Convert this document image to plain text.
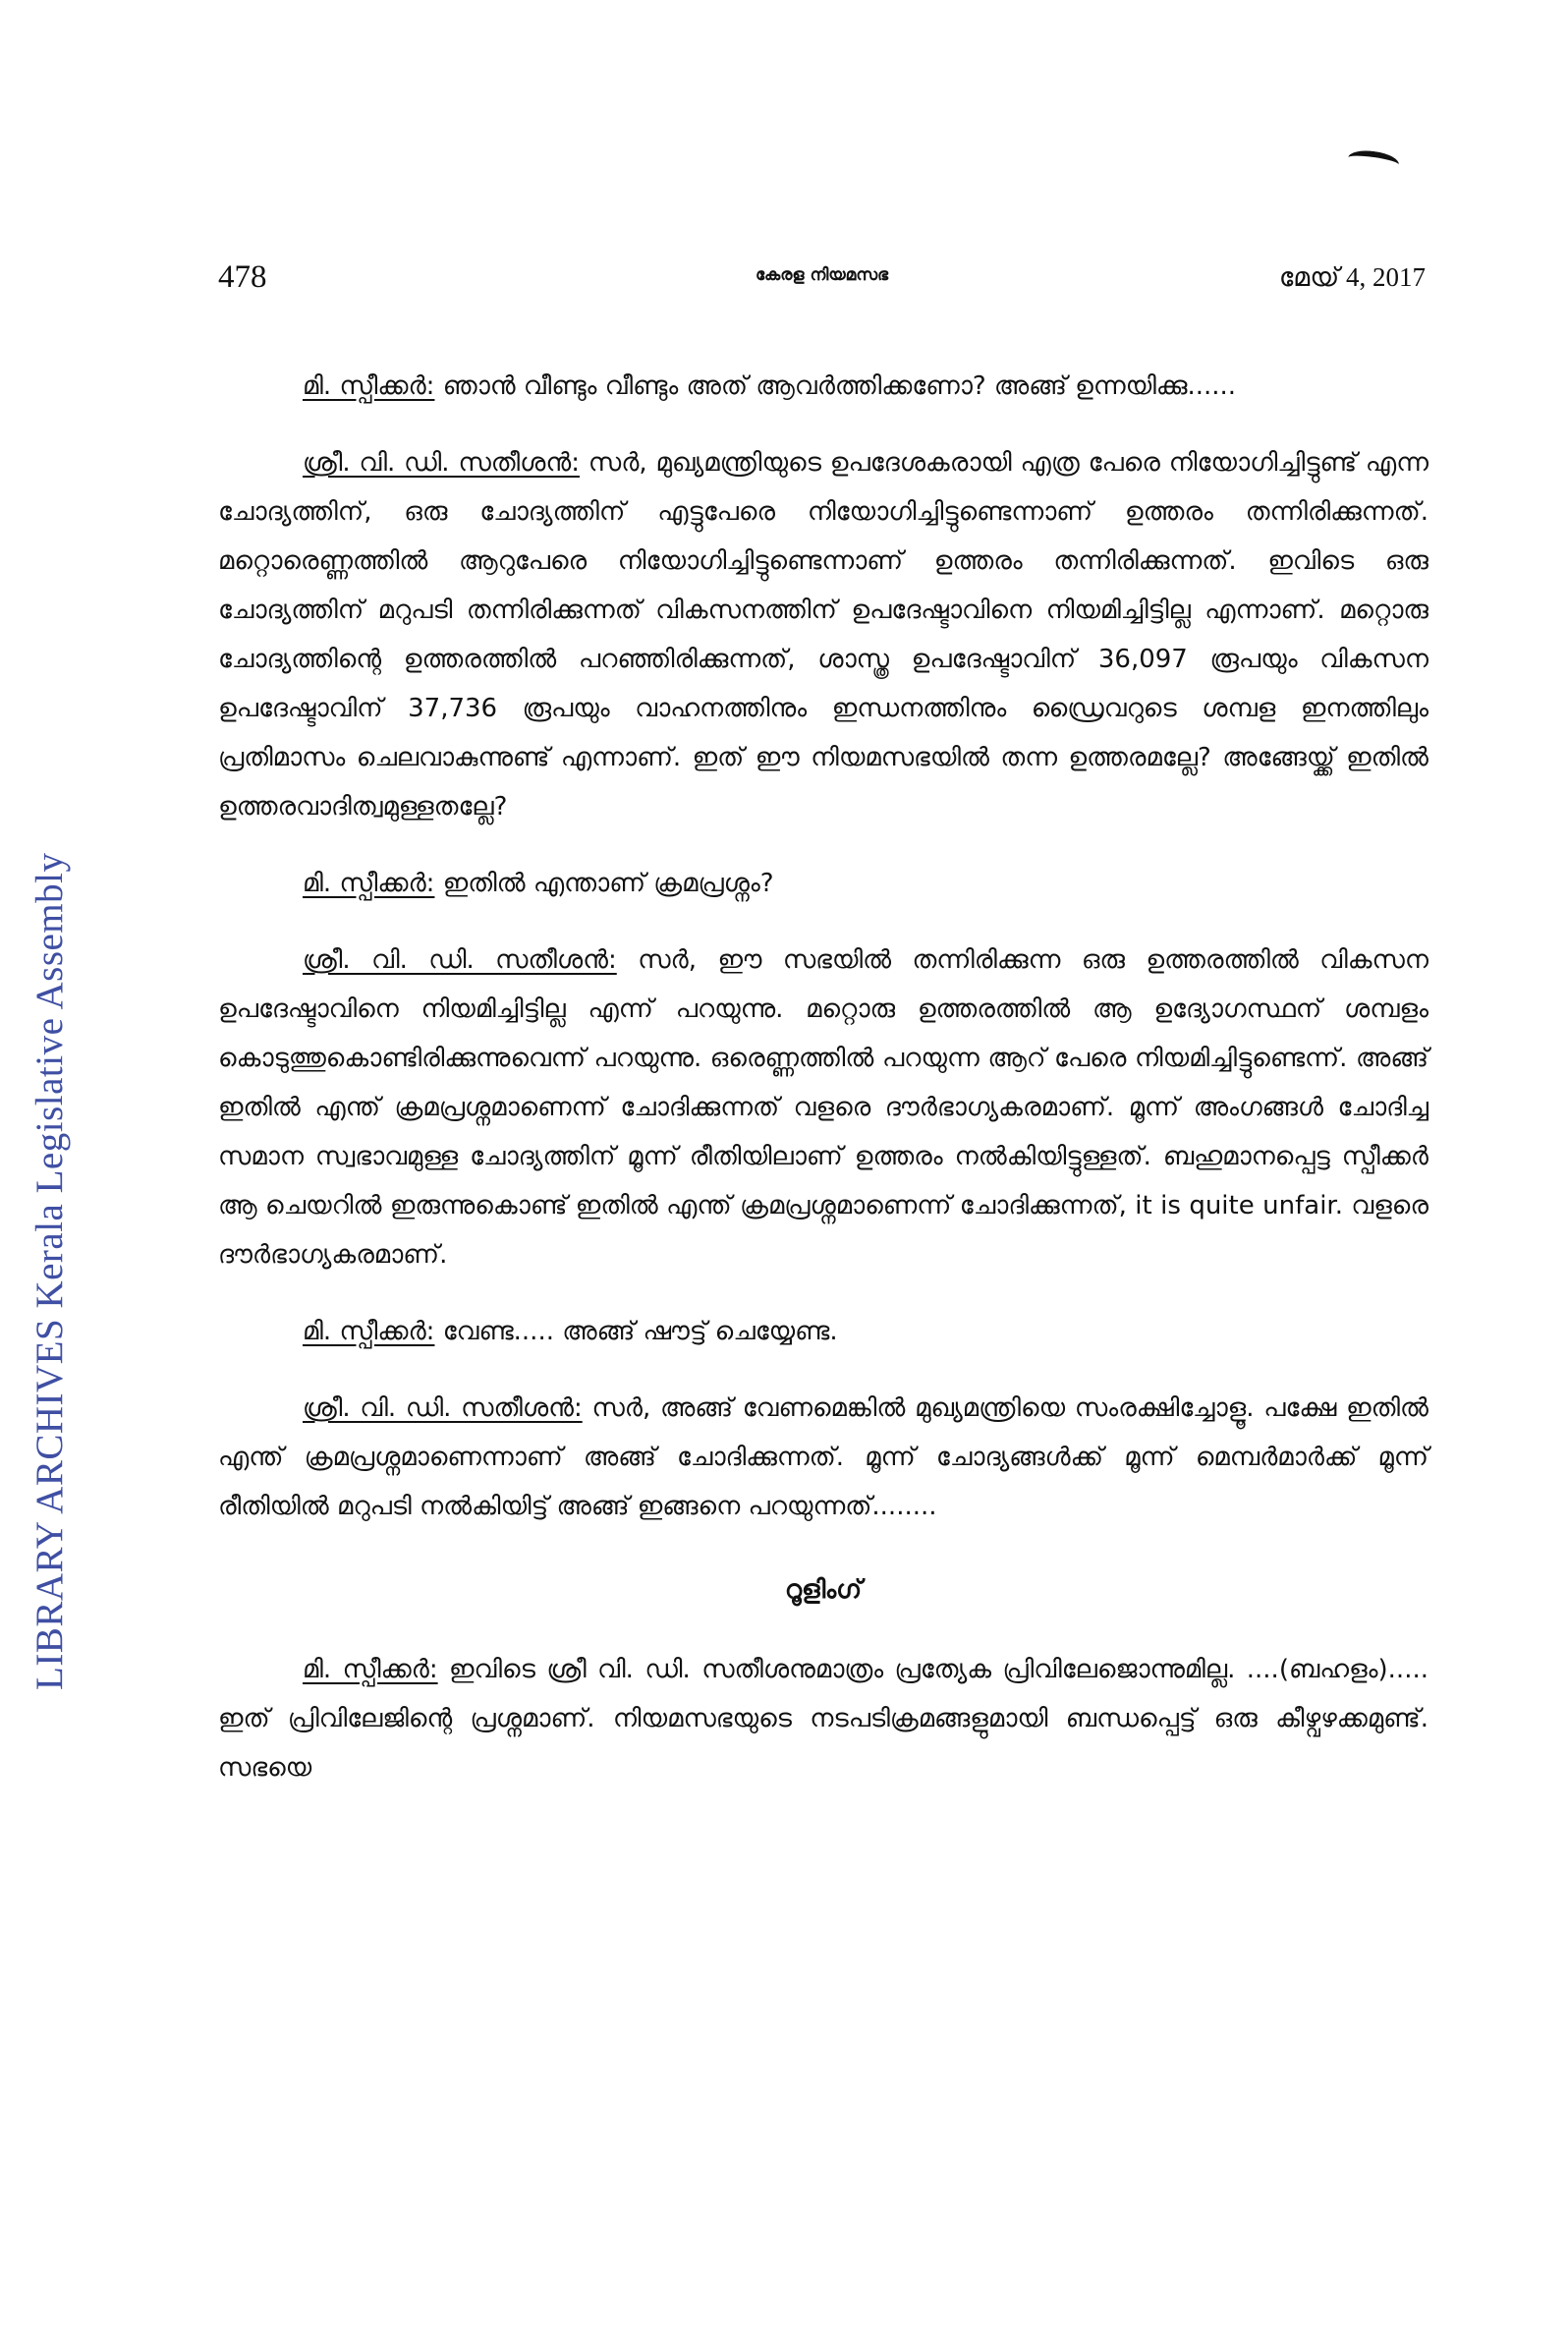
LIBRARY ARCHIVES Kerala Legislative Assembly
478	കേരള നിയമസഭ	മേയ് 4, 2017

മി. സ്പീക്കർ: ഞാൻ വീണ്ടും വീണ്ടും അത് ആവർത്തിക്കണോ? അങ്ങ് ഉന്നയിക്കു......

ശ്രീ. വി. ഡി. സതീശൻ: സർ, മുഖ്യമന്ത്രിയുടെ ഉപദേശകരായി എത്ര പേരെ നിയോഗിച്ചിട്ടുണ്ട് എന്ന ചോദ്യത്തിന്, ഒരു ചോദ്യത്തിന് എട്ടുപേരെ നിയോഗിച്ചിട്ടുണ്ടെന്നാണ് ഉത്തരം തന്നിരിക്കുന്നത്. മറ്റൊരെണ്ണത്തിൽ ആറുപേരെ നിയോഗിച്ചിട്ടുണ്ടെന്നാണ് ഉത്തരം തന്നിരിക്കുന്നത്. ഇവിടെ ഒരു ചോദ്യത്തിന് മറുപടി തന്നിരിക്കുന്നത് വികസനത്തിന് ഉപദേഷ്ടാവിനെ നിയമിച്ചിട്ടില്ല എന്നാണ്. മറ്റൊരു ചോദ്യത്തിന്റെ ഉത്തരത്തിൽ പറഞ്ഞിരിക്കുന്നത്, ശാസ്ത്ര ഉപദേഷ്ടാവിന് 36,097 രൂപയും വികസന ഉപദേഷ്ടാവിന് 37,736 രൂപയും വാഹനത്തിനും ഇന്ധനത്തിനും ഡ്രൈവറുടെ ശമ്പള ഇനത്തിലും പ്രതിമാസം ചെലവാകുന്നുണ്ട് എന്നാണ്. ഇത് ഈ നിയമസഭയിൽ തന്ന ഉത്തരമല്ലേ? അങ്ങേയ്ക്ക് ഇതിൽ ഉത്തരവാദിത്വമുള്ളതല്ലേ?

മി. സ്പീക്കർ: ഇതിൽ എന്താണ് ക്രമപ്രശ്നം?

ശ്രീ. വി. ഡി. സതീശൻ: സർ, ഈ സഭയിൽ തന്നിരിക്കുന്ന ഒരു ഉത്തരത്തിൽ വികസന ഉപദേഷ്ടാവിനെ നിയമിച്ചിട്ടില്ല എന്ന് പറയുന്നു. മറ്റൊരു ഉത്തരത്തിൽ ആ ഉദ്യോഗസ്ഥന് ശമ്പളം കൊടുത്തുകൊണ്ടിരിക്കുന്നുവെന്ന് പറയുന്നു. ഒരെണ്ണത്തിൽ പറയുന്ന ആറ് പേരെ നിയമിച്ചിട്ടുണ്ടെന്ന്. അങ്ങ് ഇതിൽ എന്ത് ക്രമപ്രശ്നമാണെന്ന് ചോദിക്കുന്നത് വളരെ ദൗർഭാഗ്യകരമാണ്. മൂന്ന് അംഗങ്ങൾ ചോദിച്ച സമാന സ്വഭാവമുള്ള ചോദ്യത്തിന് മൂന്ന് രീതിയിലാണ് ഉത്തരം നൽകിയിട്ടുള്ളത്. ബഹുമാനപ്പെട്ട സ്പീക്കർ ആ ചെയറിൽ ഇരുന്നുകൊണ്ട് ഇതിൽ എന്ത് ക്രമപ്രശ്നമാണെന്ന് ചോദിക്കുന്നത്, it is quite unfair. വളരെ ദൗർഭാഗ്യകരമാണ്.

മി. സ്പീക്കർ: വേണ്ട..... അങ്ങ് ഷൗട്ട് ചെയ്യേണ്ട.

ശ്രീ. വി. ഡി. സതീശൻ: സർ, അങ്ങ് വേണമെങ്കിൽ മുഖ്യമന്ത്രിയെ സംരക്ഷിച്ചോളൂ. പക്ഷേ ഇതിൽ എന്ത് ക്രമപ്രശ്നമാണെന്നാണ് അങ്ങ് ചോദിക്കുന്നത്. മൂന്ന് ചോദ്യങ്ങൾക്ക് മൂന്ന് മെമ്പർമാർക്ക് മൂന്ന് രീതിയിൽ മറുപടി നൽകിയിട്ട് അങ്ങ് ഇങ്ങനെ പറയുന്നത്........

റൂളിംഗ്

മി. സ്പീക്കർ: ഇവിടെ ശ്രീ വി. ഡി. സതീശനുമാത്രം പ്രത്യേക പ്രിവിലേജൊന്നുമില്ല. ....(ബഹളം)..... ഇത് പ്രിവിലേജിന്റെ പ്രശ്നമാണ്. നിയമസഭയുടെ നടപടിക്രമങ്ങളുമായി ബന്ധപ്പെട്ട് ഒരു കീഴ്വഴക്കമുണ്ട്. സഭയെ
